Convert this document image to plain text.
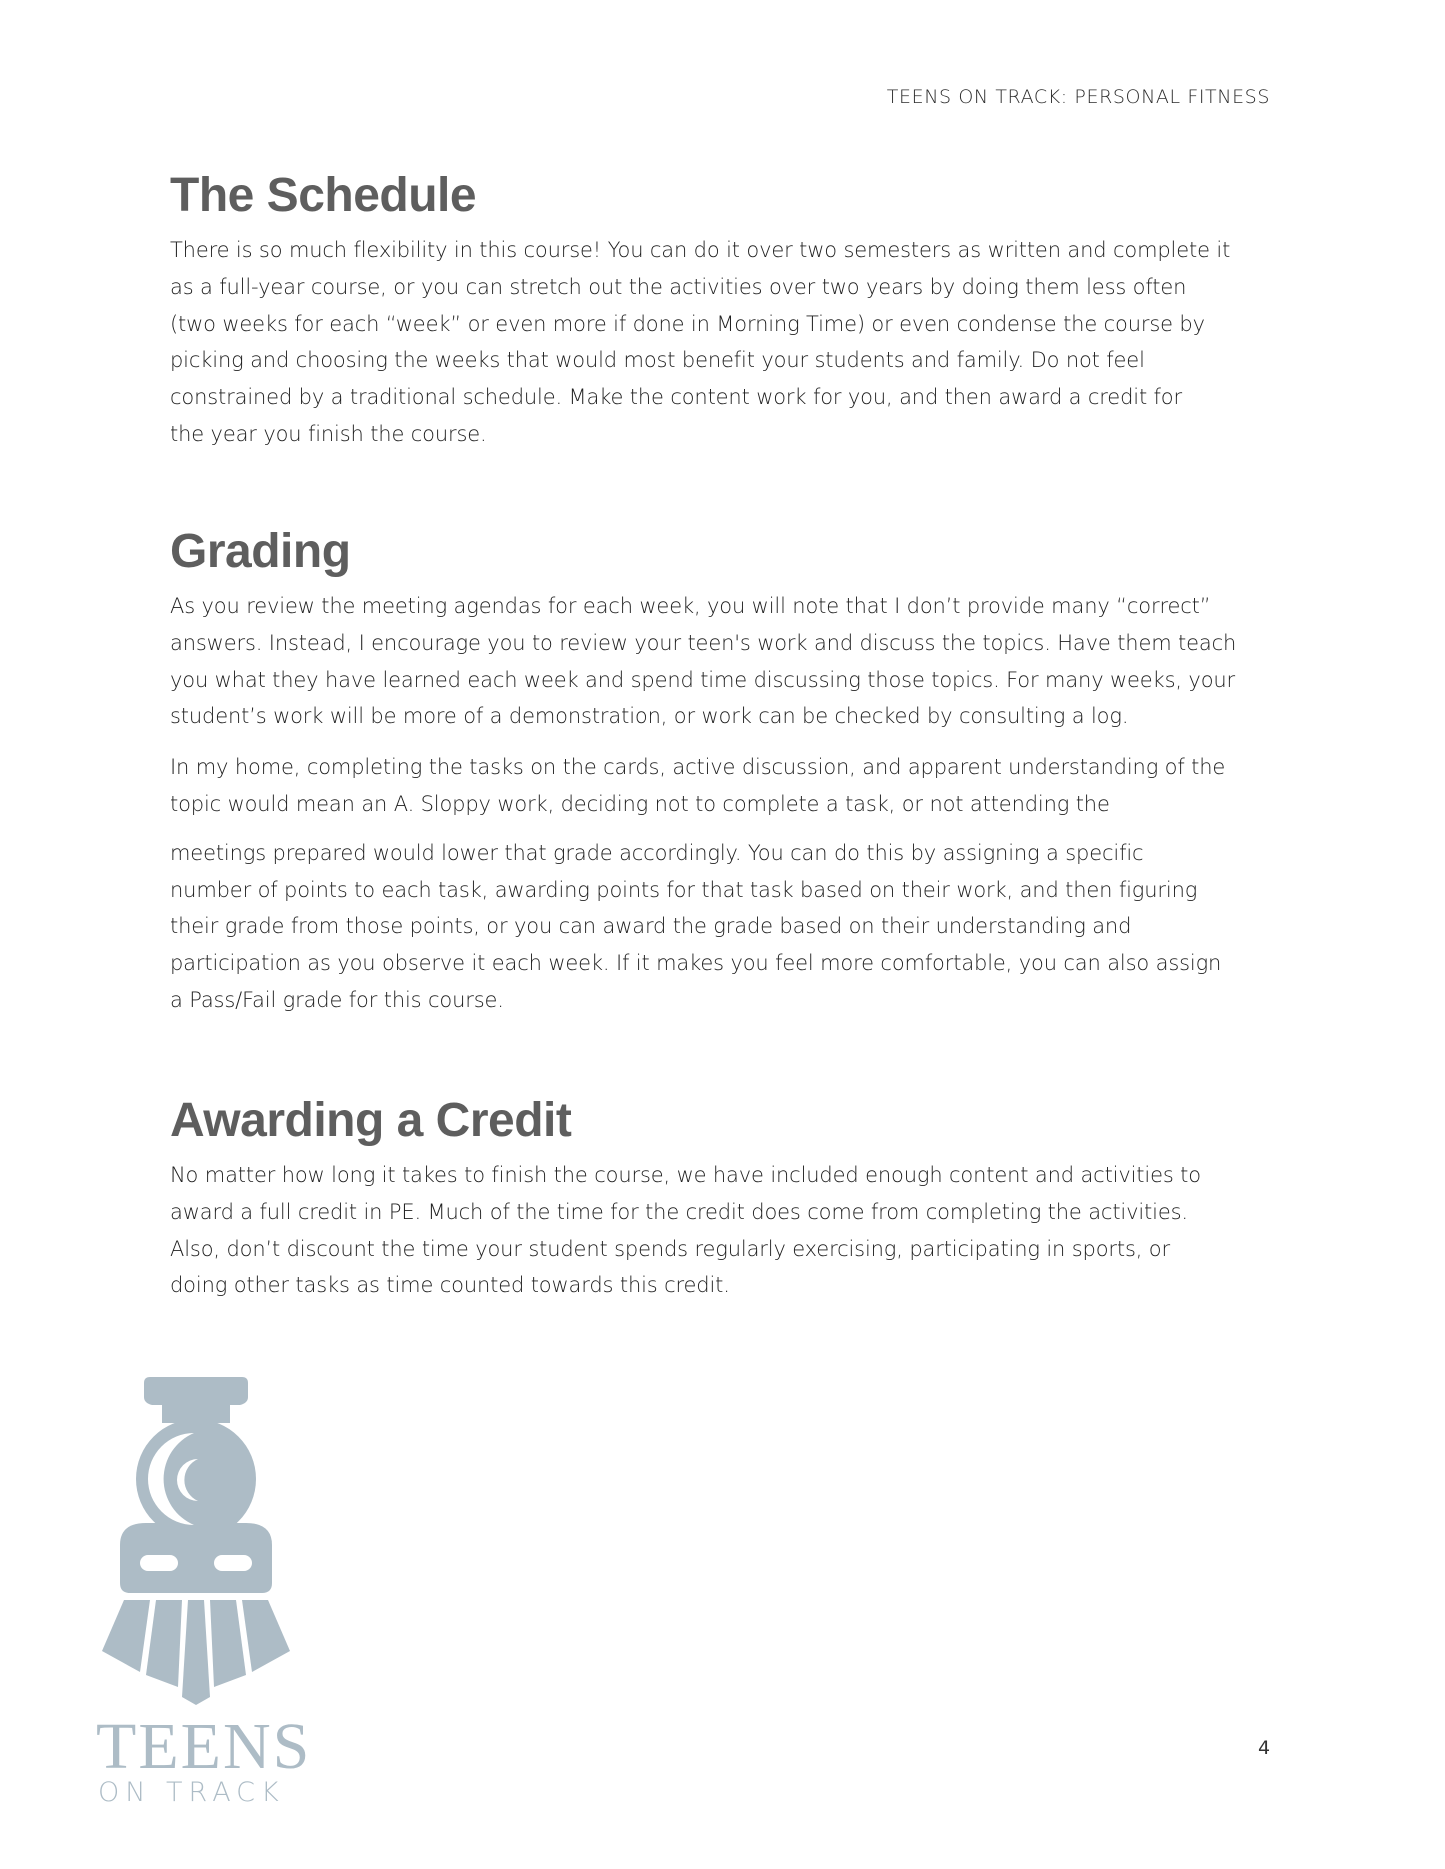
TEENS ON TRACK: PERSONAL FITNESS
The Schedule

There is so much flexibility in this course! You can do it over two semesters as written and complete it
as a full-year course, or you can stretch out the activities over two years by doing them less often
(two weeks for each “week” or even more if done in Morning Time) or even condense the course by
picking and choosing the weeks that would most benefit your students and family. Do not feel
constrained by a traditional schedule. Make the content work for you, and then award a credit for
the year you finish the course.

Grading

As you review the meeting agendas for each week, you will note that I don’t provide many “correct”
answers. Instead, I encourage you to review your teen's work and discuss the topics. Have them teach
you what they have learned each week and spend time discussing those topics. For many weeks, your
student’s work will be more of a demonstration, or work can be checked by consulting a log.

In my home, completing the tasks on the cards, active discussion, and apparent understanding of the
topic would mean an A. Sloppy work, deciding not to complete a task, or not attending the

meetings prepared would lower that grade accordingly. You can do this by assigning a specific
number of points to each task, awarding points for that task based on their work, and then figuring
their grade from those points, or you can award the grade based on their understanding and
participation as you observe it each week. If it makes you feel more comfortable, you can also assign
a Pass/Fail grade for this course.

Awarding a Credit

No matter how long it takes to finish the course, we have included enough content and activities to
award a full credit in PE. Much of the time for the credit does come from completing the activities.
Also, don’t discount the time your student spends regularly exercising, participating in sports, or
doing other tasks as time counted towards this credit.

TEENS
ON TRACK
4
